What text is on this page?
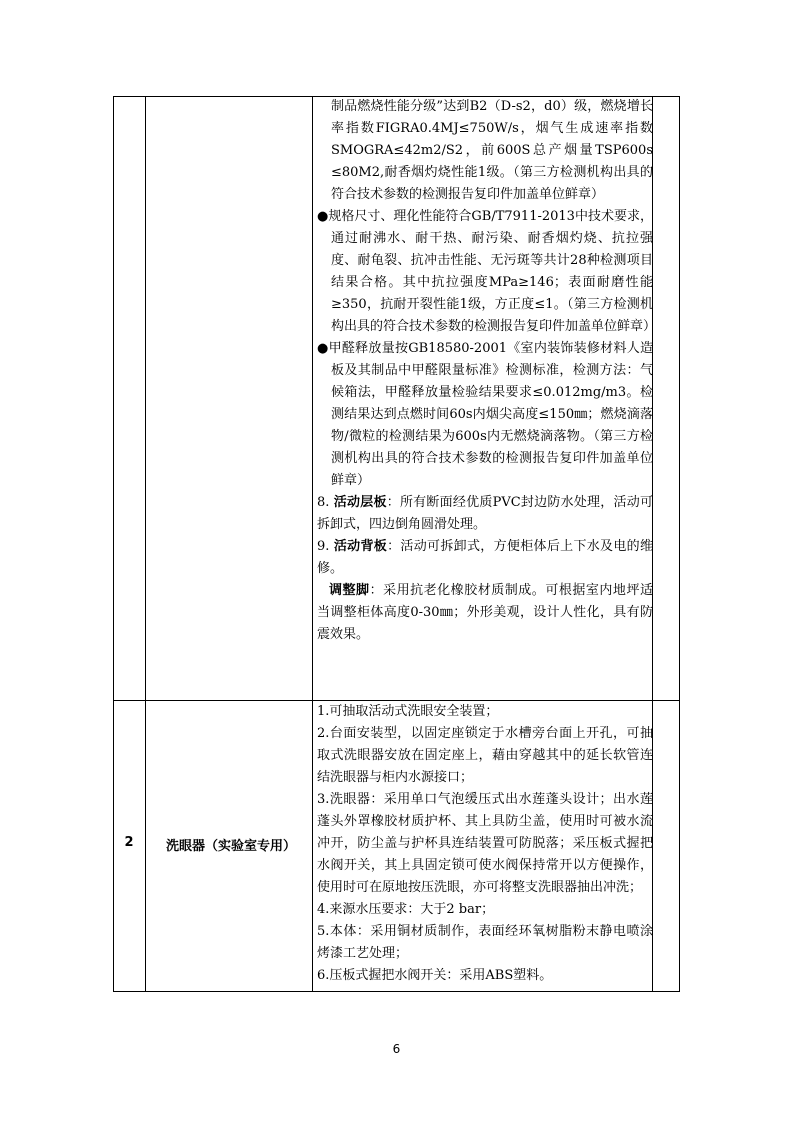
制品燃烧性能分级”达到B2（D-s2，d0）级，燃烧增长率指数FIGRA0.4MJ≤750W/s，烟气生成速率指数SMOGRA≤42m2/S2，前600S总产烟量TSP600s ≤80M2,耐香烟灼烧性能1级。（第三方检测机构出具的符合技术参数的检测报告复印件加盖单位鲜章）

●规格尺寸、理化性能符合GB/T7911-2013中技术要求，通过耐沸水、耐干热、耐污染、耐香烟灼烧、抗拉强度、耐龟裂、抗冲击性能、无污斑等共计28种检测项目结果合格。其中抗拉强度MPa≥146；表面耐磨性能≥350，抗耐开裂性能1级，方正度≤1。（第三方检测机构出具的符合技术参数的检测报告复印件加盖单位鲜章）

●甲醛释放量按GB18580-2001《室内装饰装修材料人造板及其制品中甲醛限量标准》检测标准，检测方法：气候箱法，甲醛释放量检验结果要求≤0.012mg/m3。检测结果达到点燃时间60s内烟尖高度≤150㎜；燃烧滴落物/微粒的检测结果为600s内无燃烧滴落物。（第三方检测机构出具的符合技术参数的检测报告复印件加盖单位鲜章）

8. 活动层板：所有断面经优质PVC封边防水处理，活动可拆卸式，四边倒角圆滑处理。

9. 活动背板：活动可拆卸式，方便柜体后上下水及电的维修。

调整脚：采用抗老化橡胶材质制成。可根据室内地坪适当调整柜体高度0-30㎜；外形美观，设计人性化，具有防震效果。

2	洗眼器（实验室专用）

1.可抽取活动式洗眼安全装置；

2.台面安装型，以固定座锁定于水槽旁台面上开孔，可抽取式洗眼器安放在固定座上，藉由穿越其中的延长软管连结洗眼器与柜内水源接口；

3.洗眼器：采用单口气泡缓压式出水莲蓬头设计；出水莲蓬头外罩橡胶材质护杯、其上具防尘盖，使用时可被水流冲开，防尘盖与护杯具连结装置可防脱落；采压板式握把水阀开关，其上具固定锁可使水阀保持常开以方便操作，使用时可在原地按压洗眼，亦可将整支洗眼器抽出冲洗；

4.来源水压要求：大于2 bar；

5.本体：采用铜材质制作，表面经环氧树脂粉末静电喷涂烤漆工艺处理；

6.压板式握把水阀开关：采用ABS塑料。

6
